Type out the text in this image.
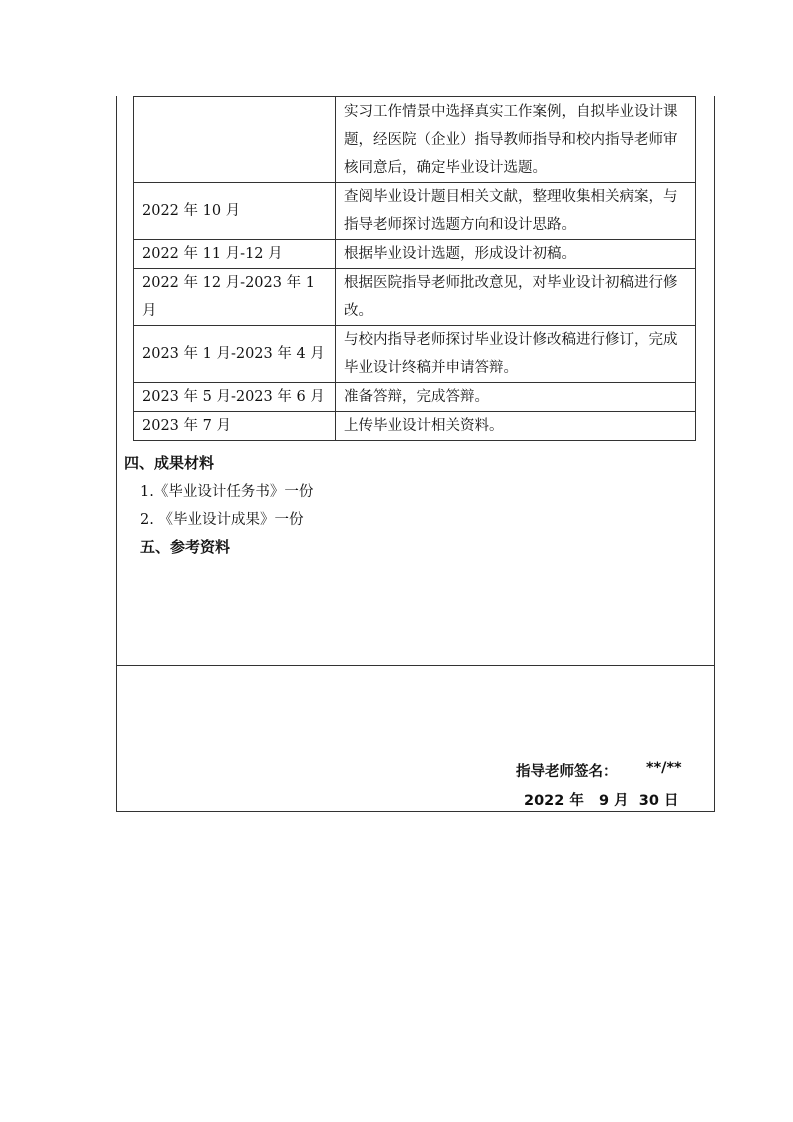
	实习工作情景中选择真实工作案例，自拟毕业设计课题，经医院（企业）指导教师指导和校内指导老师审核同意后，确定毕业设计选题。
2022 年 10 月	查阅毕业设计题目相关文献，整理收集相关病案，与指导老师探讨选题方向和设计思路。
2022 年 11 月-12 月	根据毕业设计选题，形成设计初稿。
2022 年 12 月-2023 年 1 月	根据医院指导老师批改意见，对毕业设计初稿进行修改。
2023 年 1 月-2023 年 4 月	与校内指导老师探讨毕业设计修改稿进行修订，完成毕业设计终稿并申请答辩。
2023 年 5 月-2023 年 6 月	准备答辩，完成答辩。
2023 年 7 月	上传毕业设计相关资料。
四、成果材料
1.《毕业设计任务书》一份
2. 《毕业设计成果》一份
五、参考资料
指导老师签名： **/**
2022 年   9 月  30 日
